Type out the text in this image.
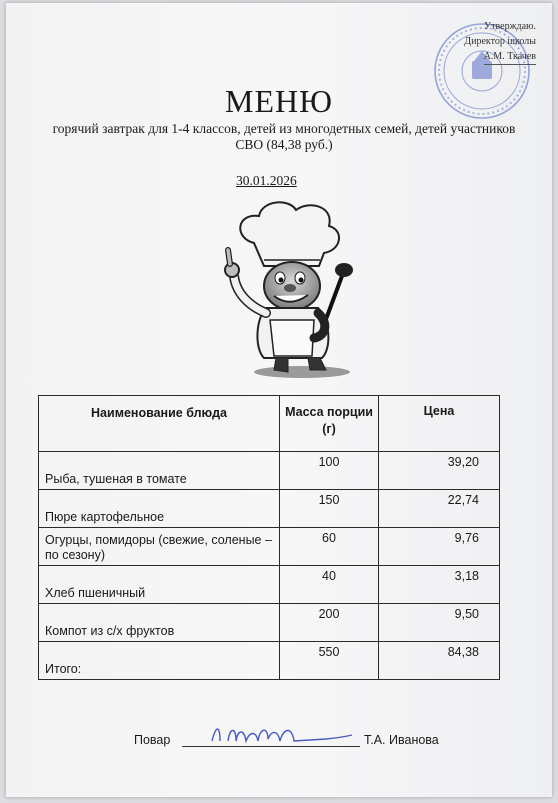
Утверждаю.
Директор школы
А.М. Ткачев
МЕНЮ
горячий завтрак для 1-4 классов, детей из многодетных семей, детей участников СВО (84,38 руб.)
30.01.2026
Наименование блюда	Масса порции (г)	Цена
Рыба, тушеная в томате	100	39,20
Пюре картофельное	150	22,74
Огурцы, помидоры (свежие, соленые – по сезону)	60	9,76
Хлеб пшеничный	40	3,18
Компот из с/х фруктов	200	9,50
Итого:	550	84,38
Повар	Т.А. Иванова
